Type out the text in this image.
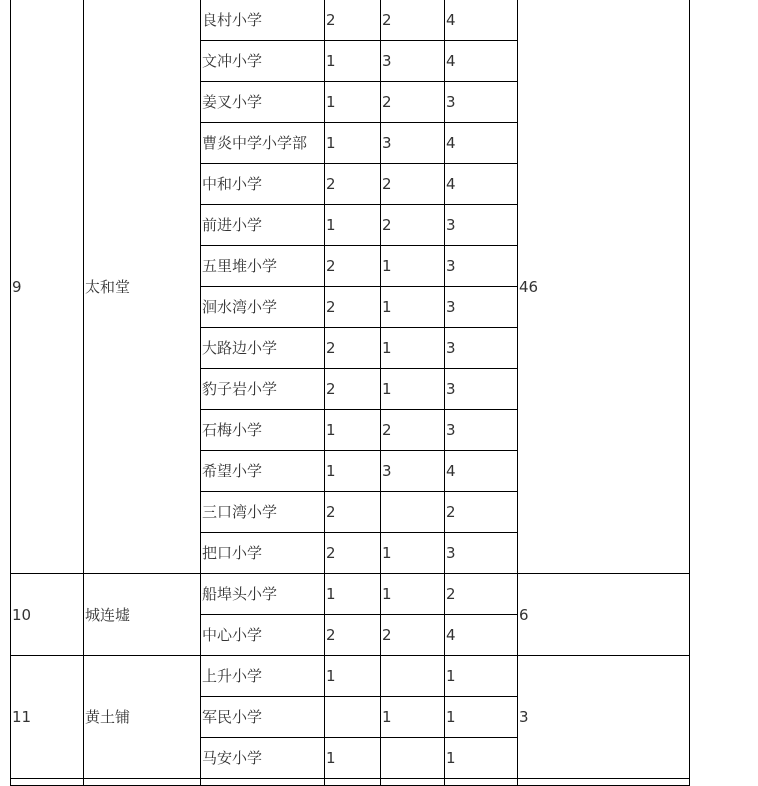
9	太和堂	良村小学	2	2	4	46
		文冲小学	1	3	4	
		姜叉小学	1	2	3	
		曹炎中学小学部	1	3	4	
		中和小学	2	2	4	
		前进小学	1	2	3	
		五里堆小学	2	1	3	
		洄水湾小学	2	1	3	
		大路边小学	2	1	3	
		豹子岩小学	2	1	3	
		石梅小学	1	2	3	
		希望小学	1	3	4	
		三口湾小学	2		2	
		把口小学	2	1	3	
10	城连墟	船埠头小学	1	1	2	6
		中心小学	2	2	4	
11	黄土铺	上升小学	1		1	3
		军民小学		1	1	
		马安小学	1		1	
